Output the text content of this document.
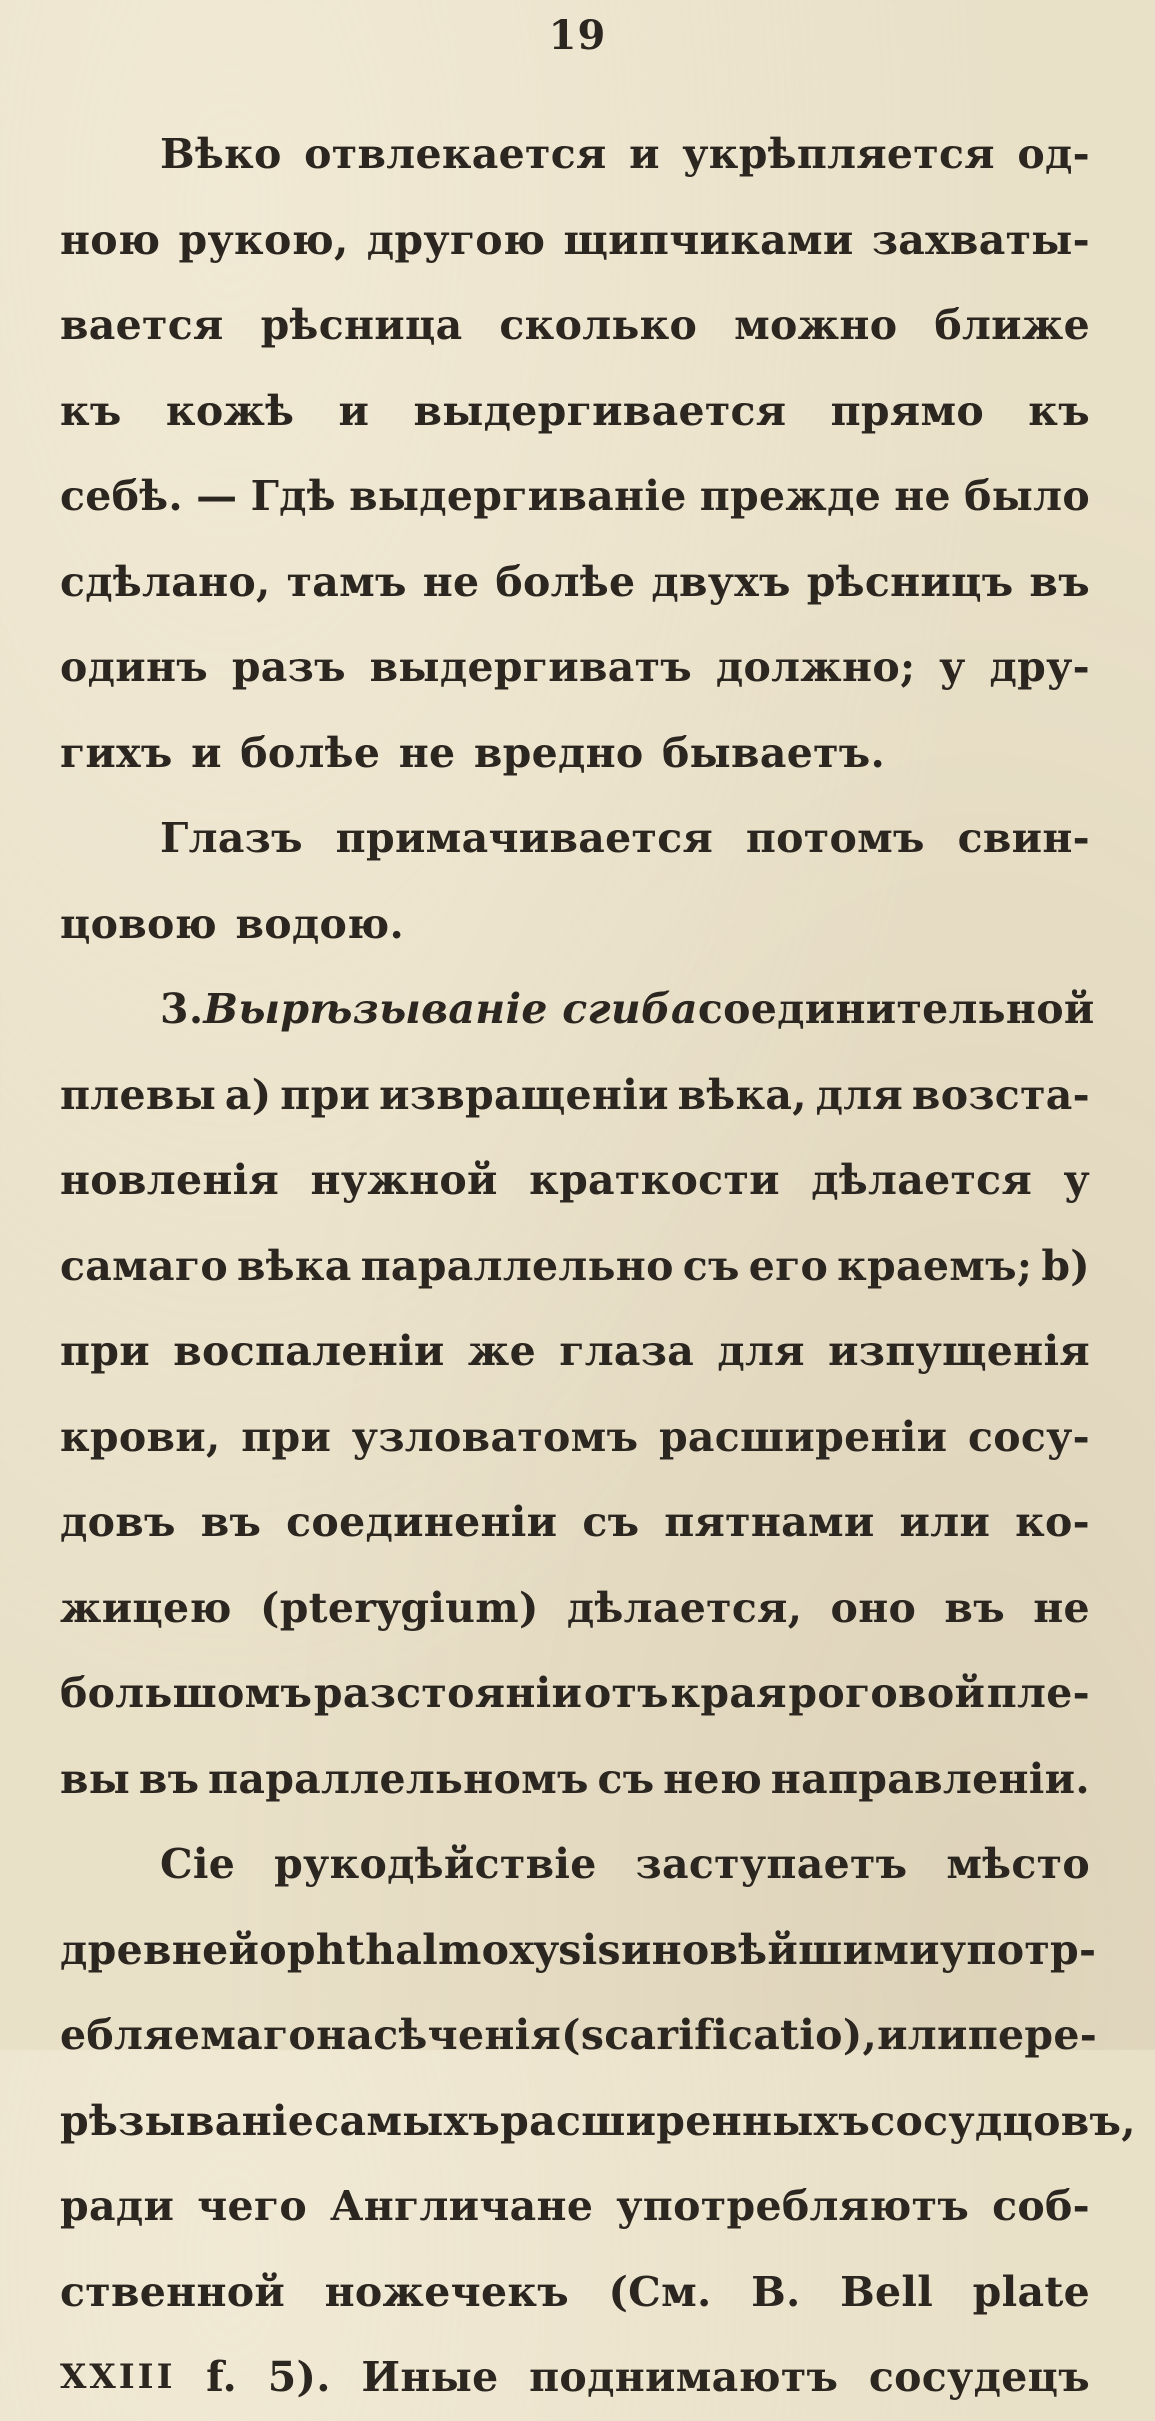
19
Вѣко отвлекается и укрѣпляется од-
нoю рукою, другою щипчиками захваты-
вается рѣсница сколько можно ближе
къ кожѣ и выдергивается прямо къ
себѣ. — Гдѣ выдергиванiе прежде не было
сдѣлано, тамъ не болѣе двухъ рѣсницъ въ
одинъ разъ выдергиватъ должно; у дру-
гихъ и болѣе не вредно бываетъ.
Глазъ примачивается потомъ свин-
цовою водою.
3. Вырѣзыванiе сгиба соединительной
плевы а) при извращенiи вѣка, для возста-
новленiя нужной краткости дѣлается у
самаго вѣка параллельно съ его краемъ; b)
при воспаленiи же глаза для изпущенiя
крови, при узловатомъ расширенiи сосу-
довъ въ соединенiи съ пятнами или ко-
жицею (pterygium) дѣлается, оно въ не
большомъ разстоянiи отъ края роговой пле-
вы въ параллельномъ съ нею направленiи.
Сiе рукодѣйствiе заступаетъ мѣсто
древней ophthalmoxysis и новѣйшими употр-
ебляемаго насѣченiя (scarificatio), или пере-
рѣзыванiе самыхъ расширенныхъ сосудцовъ,
ради чего Англичане употребляютъ соб-
ственной ножечекъ (См. B. Bell plate
XXIII f. 5). Иные поднимаютъ сосудецъ
